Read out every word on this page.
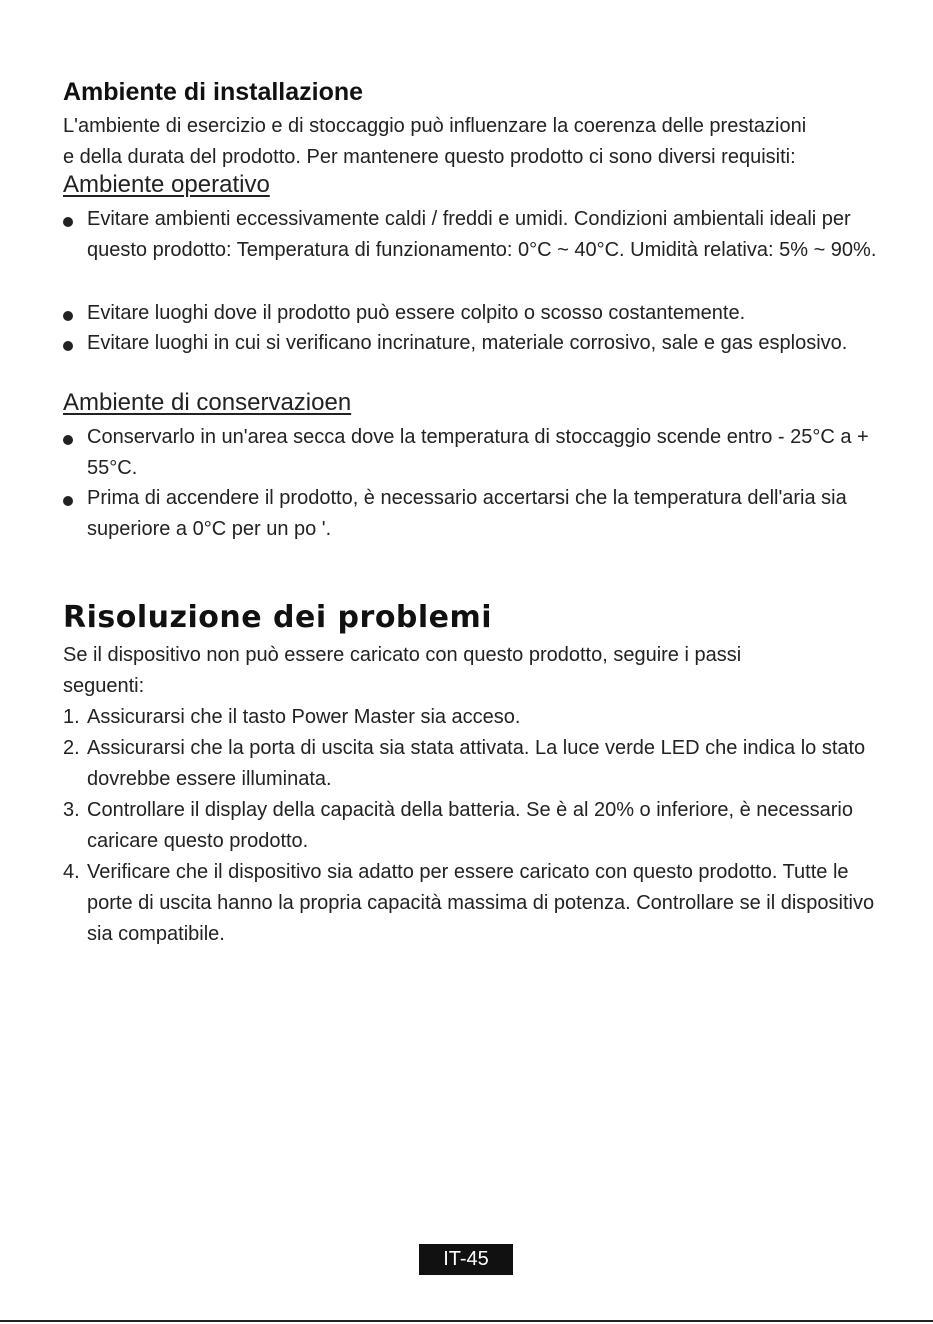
Ambiente di installazione
L'ambiente di esercizio e di stoccaggio può influenzare la coerenza delle prestazioni
e della durata del prodotto. Per mantenere questo prodotto ci sono diversi requisiti:
Ambiente operativo
Evitare ambienti eccessivamente caldi / freddi e umidi. Condizioni ambientali ideali per questo prodotto: Temperatura di funzionamento: 0°C ~ 40°C. Umidità relativa: 5% ~ 90%.
Evitare luoghi dove il prodotto può essere colpito o scosso costantemente.
Evitare luoghi in cui si verificano incrinature, materiale corrosivo, sale e gas esplosivo.
Ambiente di conservazioen
Conservarlo in un'area secca dove la temperatura di stoccaggio scende entro - 25°C a + 55°C.
Prima di accendere il prodotto, è necessario accertarsi che la temperatura dell'aria sia superiore a 0°C per un po '.
Risoluzione dei problemi
Se il dispositivo non può essere caricato con questo prodotto, seguire i passi seguenti:
1. Assicurarsi che il tasto Power Master sia acceso.
2. Assicurarsi che la porta di uscita sia stata attivata. La luce verde LED che indica lo stato dovrebbe essere illuminata.
3. Controllare il display della capacità della batteria. Se è al 20% o inferiore, è necessario caricare questo prodotto.
4. Verificare che il dispositivo sia adatto per essere caricato con questo prodotto. Tutte le porte di uscita hanno la propria capacità massima di potenza. Controllare se il dispositivo sia compatibile.
IT-45
